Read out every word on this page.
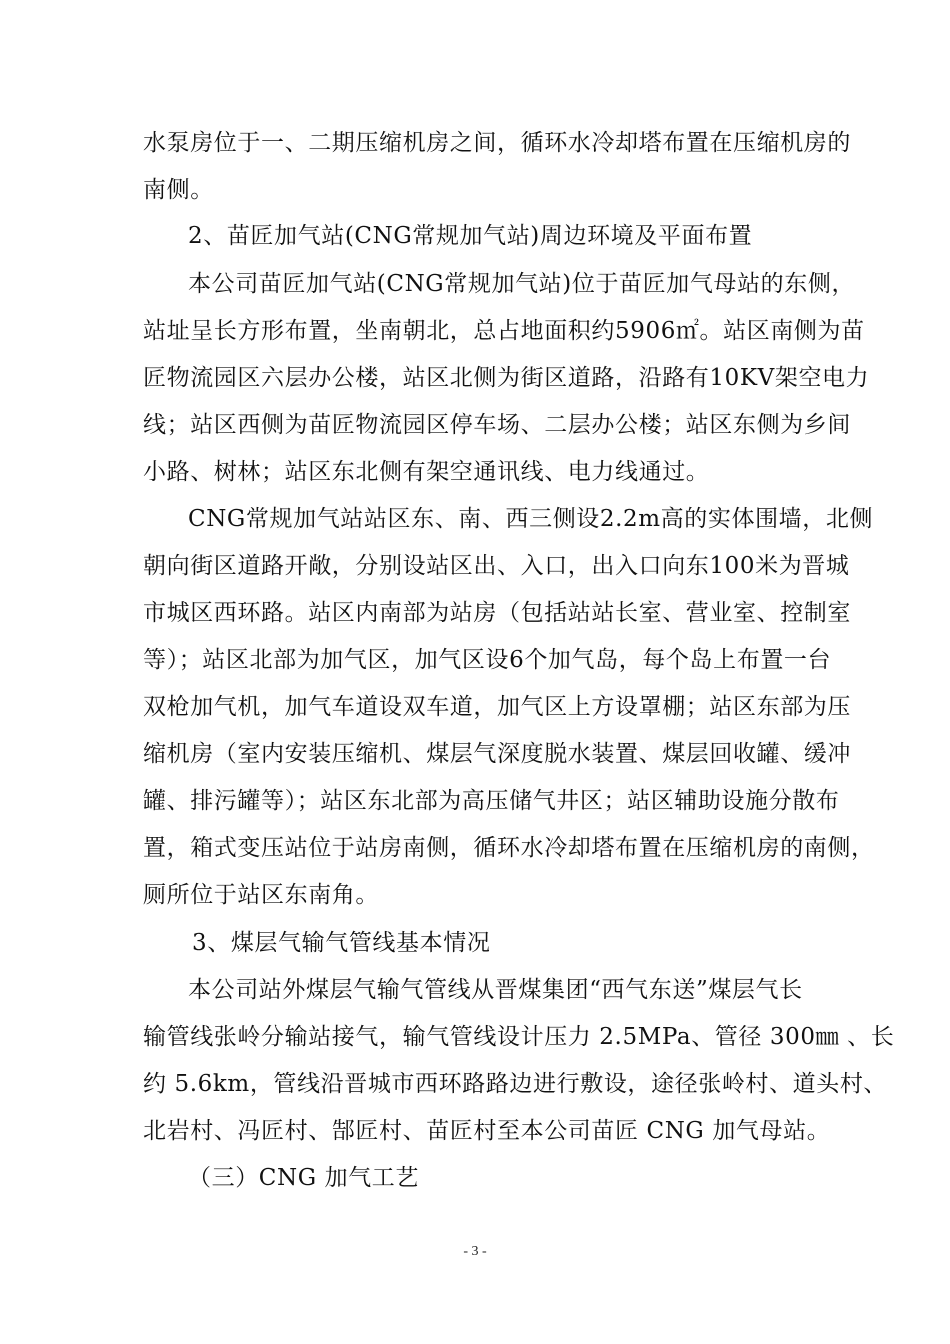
水泵房位于一、二期压缩机房之间，循环水冷却塔布置在压缩机房的
南侧。
2、苗匠加气站(CNG常规加气站)周边环境及平面布置
本公司苗匠加气站(CNG常规加气站)位于苗匠加气母站的东侧，
站址呈长方形布置，坐南朝北，总占地面积约5906㎡。站区南侧为苗
匠物流园区六层办公楼，站区北侧为街区道路，沿路有10KV架空电力
线；站区西侧为苗匠物流园区停车场、二层办公楼；站区东侧为乡间
小路、树林；站区东北侧有架空通讯线、电力线通过。
CNG常规加气站站区东、南、西三侧设2.2m高的实体围墙，北侧
朝向街区道路开敞，分别设站区出、入口，出入口向东100米为晋城
市城区西环路。站区内南部为站房（包括站站长室、营业室、控制室
等）；站区北部为加气区，加气区设6个加气岛，每个岛上布置一台
双枪加气机，加气车道设双车道，加气区上方设罩棚；站区东部为压
缩机房（室内安装压缩机、煤层气深度脱水装置、煤层回收罐、缓冲
罐、排污罐等）；站区东北部为高压储气井区；站区辅助设施分散布
置，箱式变压站位于站房南侧，循环水冷却塔布置在压缩机房的南侧，
厕所位于站区东南角。
3、煤层气输气管线基本情况
本公司站外煤层气输气管线从晋煤集团“西气东送”煤层气长
输管线张岭分输站接气，输气管线设计压力 2.5MPa、管径 300㎜ 、长
约 5.6km，管线沿晋城市西环路路边进行敷设，途径张岭村、道头村、
北岩村、冯匠村、郜匠村、苗匠村至本公司苗匠 CNG 加气母站。
（三）CNG 加气工艺
- 3 -
